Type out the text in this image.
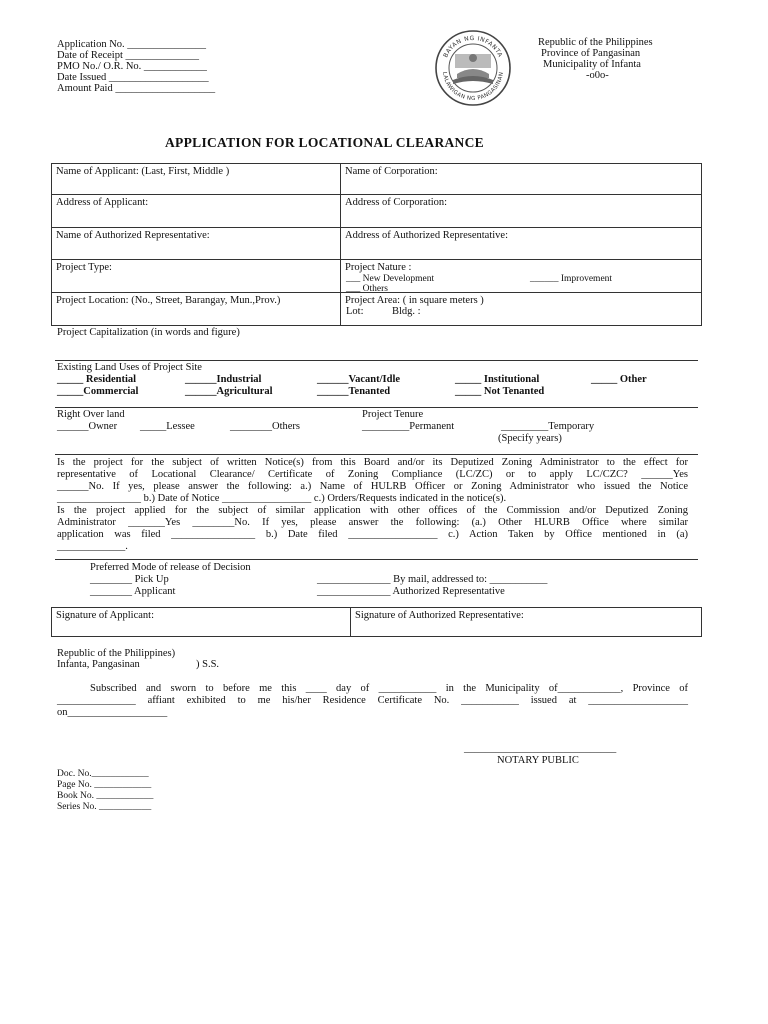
Application No. _______________
Date of Receipt ______________
PMO No./ O.R. No. ____________
Date Issued ___________________
Amount Paid ___________________
BAYAN NG INFANTA
LALAWIGAN NG PANGASINAN
Republic of the Philippines
Province of Pangasinan
Municipality of Infanta
-o0o-
APPLICATION FOR LOCATIONAL CLEARANCE
Name of Applicant: (Last, First, Middle )	Name of Corporation:
Address of Applicant:	Address of Corporation:
Name of Authorized Representative:	Address of Authorized Representative:
Project Type:	Project Nature :
___ New Development	______ Improvement
___ Others
Project Location: (No., Street, Barangay, Mun.,Prov.)	Project Area: ( in square meters )
Lot:	Bldg. :
Project Capitalization (in words and figure)
Existing Land Uses of Project Site
_____ Residential	______Industrial	______Vacant/Idle	_____ Institutional	_____ Other
_____Commercial	______Agricultural	______Tenanted	_____ Not Tenanted
Right Over land
______Owner _____Lessee	________Others
Project Tenure
_________Permanent	_________Temporary
(Specify years)
Is the project for the subject of written Notice(s) from this Board and/or its Deputized Zoning Administrator to the effect for
representative of Locational Clearance/ Certificate of Zoning Compliance (LC/ZC) or to apply LC/CZC? ______Yes
______No. If yes, please answer the following: a.) Name of HULRB Officer or Zoning Administrator who issued the Notice
________________ b.) Date of Notice _________________ c.) Orders/Requests indicated in the notice(s).
Is the project applied for the subject of similar application with other offices of the Commission and/or Deputized Zoning
Administrator _______Yes ________No. If yes, please answer the following: (a.) Other HLURB Office where similar
application was filed ________________ b.) Date filed _________________ c.) Action Taken by Office mentioned in (a)
_____________.
Preferred Mode of release of Decision
________ Pick Up
________ Applicant
______________ By mail, addressed to: ___________
______________ Authorized Representative
Signature of Applicant:	Signature of Authorized Representative:
Republic of the Philippines)
Infanta, Pangasinan	) S.S.
Subscribed and sworn to before me this ____ day of ___________ in the Municipality of____________, Province of
_______________ affiant exhibited to me his/her Residence Certificate No. ___________ issued at ___________________
on___________________
_____________________________
NOTARY PUBLIC
Doc. No.____________
Page No. ____________
Book No. ____________
Series No. ___________
